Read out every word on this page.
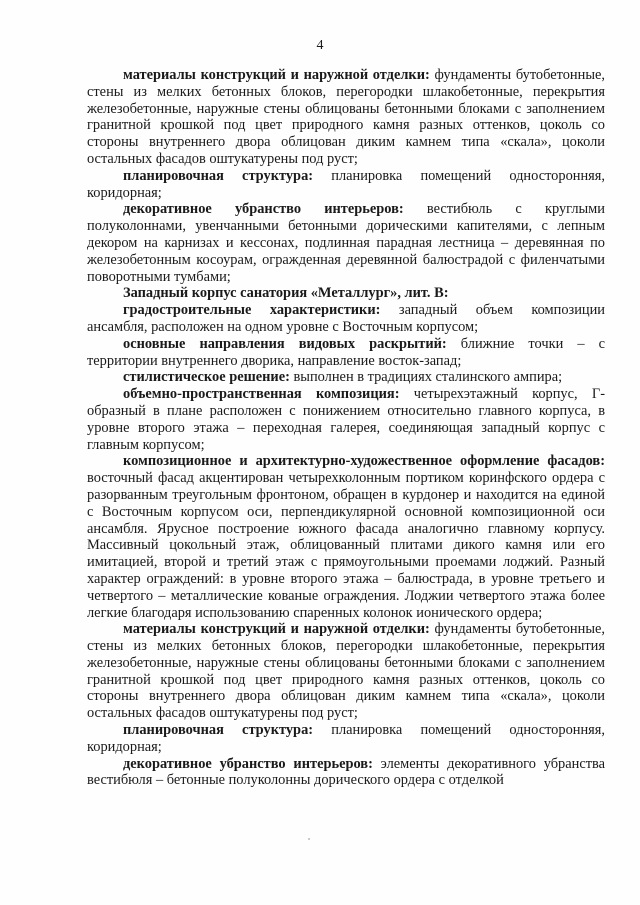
4

материалы конструкций и наружной отделки: фундаменты бутобетонные, стены из мелких бетонных блоков, перегородки шлакобетонные, перекрытия железобетонные, наружные стены облицованы бетонными блоками с заполнением гранитной крошкой под цвет природного камня разных оттенков, цоколь со стороны внутреннего двора облицован диким камнем типа «скала», цоколи остальных фасадов оштукатурены под руст;

планировочная структура: планировка помещений односторонняя, коридорная;

декоративное убранство интерьеров: вестибюль с круглыми полуколоннами, увенчанными бетонными дорическими капителями, с лепным декором на карнизах и кессонах, подлинная парадная лестница – деревянная по железобетонным косоурам, огражденная деревянной балюстрадой с филенчатыми поворотными тумбами;

Западный корпус санатория «Металлург», лит. В:

градостроительные характеристики: западный объем композиции ансамбля, расположен на одном уровне с Восточным корпусом;

основные направления видовых раскрытий: ближние точки – с территории внутреннего дворика, направление восток-запад;

стилистическое решение: выполнен в традициях сталинского ампира;

объемно-пространственная композиция: четырехэтажный корпус, Г-образный в плане расположен с понижением относительно главного корпуса, в уровне второго этажа – переходная галерея, соединяющая западный корпус с главным корпусом;

композиционное и архитектурно-художественное оформление фасадов: восточный фасад акцентирован четырехколонным портиком коринфского ордера с разорванным треугольным фронтоном, обращен в курдонер и находится на единой с Восточным корпусом оси, перпендикулярной основной композиционной оси ансамбля. Ярусное построение южного фасада аналогично главному корпусу. Массивный цокольный этаж, облицованный плитами дикого камня или его имитацией, второй и третий этаж с прямоугольными проемами лоджий. Разный характер ограждений: в уровне второго этажа – балюстрада, в уровне третьего и четвертого – металлические кованые ограждения. Лоджии четвертого этажа более легкие благодаря использованию спаренных колонок ионического ордера;

материалы конструкций и наружной отделки: фундаменты бутобетонные, стены из мелких бетонных блоков, перегородки шлакобетонные, перекрытия железобетонные, наружные стены облицованы бетонными блоками с заполнением гранитной крошкой под цвет природного камня разных оттенков, цоколь со стороны внутреннего двора облицован диким камнем типа «скала», цоколи остальных фасадов оштукатурены под руст;

планировочная структура: планировка помещений односторонняя, коридорная;

декоративное убранство интерьеров: элементы декоративного убранства вестибюля – бетонные полуколонны дорического ордера с отделкой
